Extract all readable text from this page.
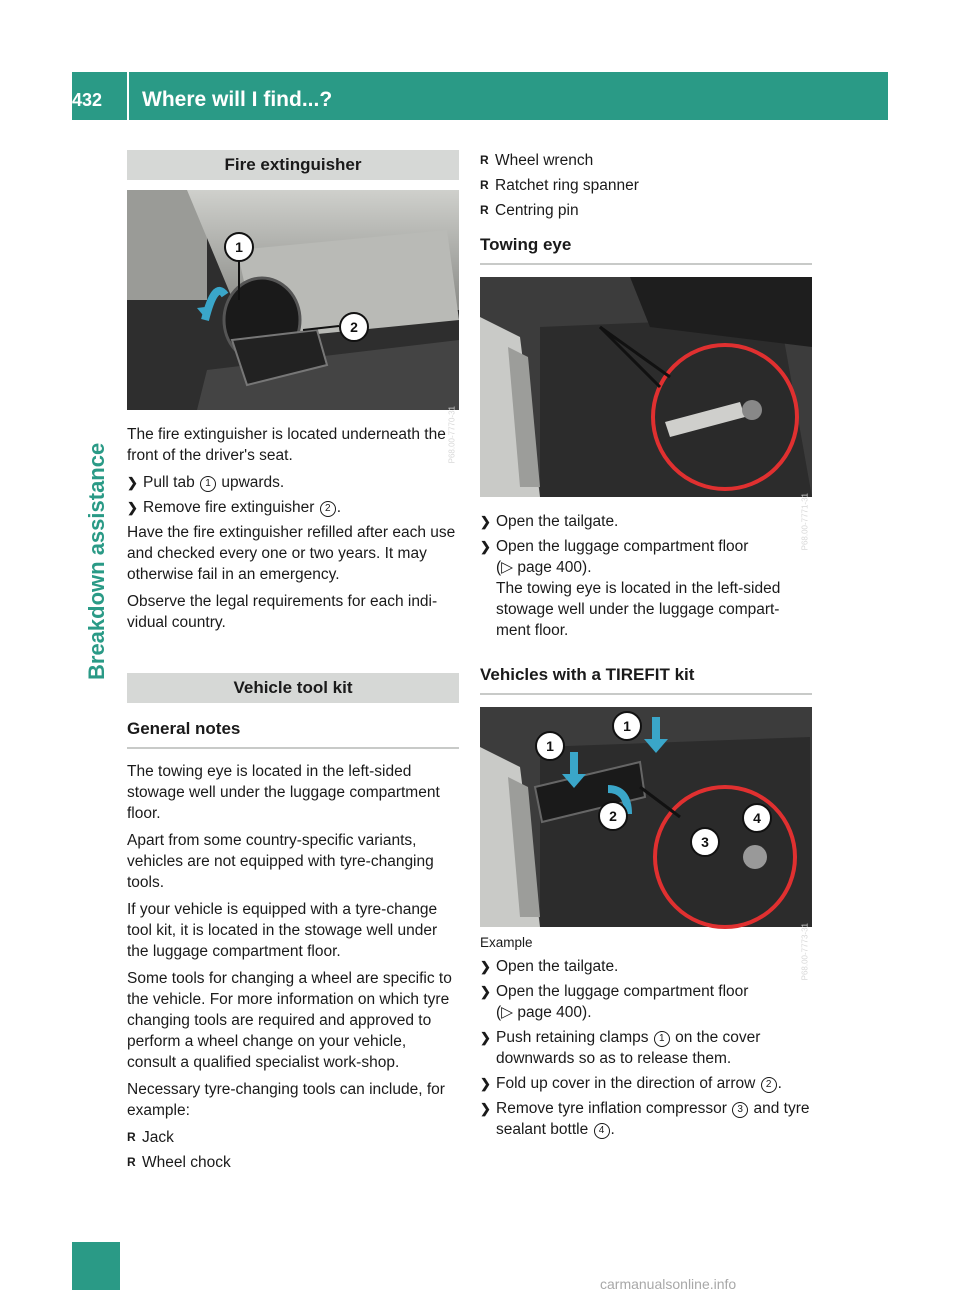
432	Where will I find...?
Breakdown assistance
Fire extinguisher
1
2
P68.00-7770-31

The fire extinguisher is located underneath the front of the driver's seat.

❯ Pull tab 1 upwards.
❯ Remove fire extinguisher 2 .

Have the fire extinguisher refilled after each use and checked every one or two years. It may otherwise fail in an emergency.

Observe the legal requirements for each indi-vidual country.

Vehicle tool kit
General notes

The towing eye is located in the left-sided stowage well under the luggage compartment floor.

Apart from some country-specific variants, vehicles are not equipped with tyre-changing tools.

If your vehicle is equipped with a tyre-change tool kit, it is located in the stowage well under the luggage compartment floor.

Some tools for changing a wheel are specific to the vehicle. For more information on which tyre changing tools are required and approved to perform a wheel change on your vehicle, consult a qualified specialist work-shop.

Necessary tyre-changing tools can include, for example:

R Jack
R Wheel chock
R Wheel wrench
R Ratchet ring spanner
R Centring pin
Towing eye
P68.00-7771-31
❯ Open the tailgate.
❯ Open the luggage compartment floor
(▷ page 400).
The towing eye is located in the left-sided stowage well under the luggage compart-ment floor.
Vehicles with a TIREFIT kit
1
1
2
3
4
P68.00-7773-31
Example
❯ Open the tailgate.
❯ Open the luggage compartment floor
(▷ page 400).
❯ Push retaining clamps 1 on the cover downwards so as to release them.
❯ Fold up cover in the direction of arrow 2 .
❯ Remove tyre inflation compressor 3 and tyre sealant bottle 4 .
carmanualsonline.info
